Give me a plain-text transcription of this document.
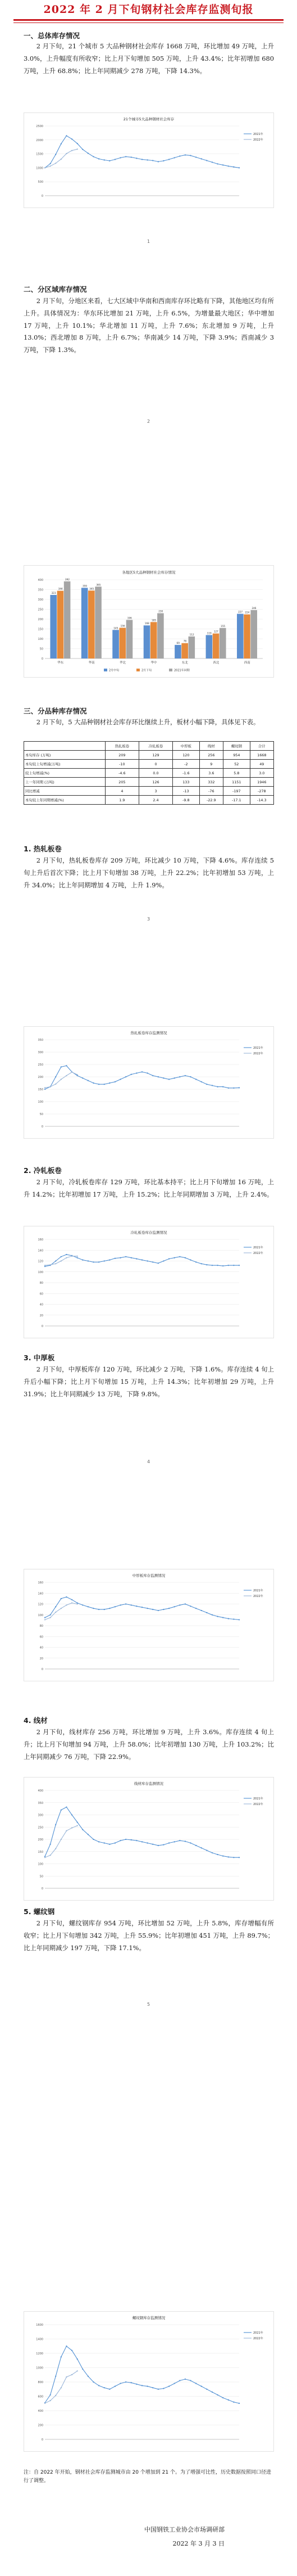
2022 年 2 月下旬钢材社会库存监测旬报
一、总体库存情况
2 月下旬，21 个城市 5 大品种钢材社会库存 1668 万吨，环比增加 49 万吨，上升 3.0%，上升幅度有所收窄；比上月下旬增加 505 万吨，上升 43.4%；比年初增加 680 万吨，上升 68.8%；比上年同期减少 278 万吨，下降 14.3%。
21个城市5大品种钢材社会库存
0
500
1000
1500
2000
2500
2021年
2022年
1
二、分区域库存情况
2 月下旬，分地区来看，七大区域中华南和西南库存环比略有下降，其他地区均有所上升。具体情况为：华东环比增加 21 万吨，上升 6.5%，为增量最大地区；华中增加 17 万吨，上升 10.1%；华北增加 11 万吨，上升 7.6%；东北增加 9 万吨，上升 13.0%；西北增加 8 万吨，上升 6.7%；华南减少 14 万吨，下降 3.9%；西南减少 3 万吨，下降 1.3%。
2
各地区5大品种钢材社会库存情况
0
50
100
150
200
250
300
350
400
华东
323
344
392
华南
359
345
365
华北
145
156
196
华中
168
185
230
东北
69
78
112
西北
119
127
155
西南
227 224
246
2月中旬	2月下旬	2021年同期
三、分品种库存情况
2 月下旬，5 大品种钢材社会库存环比继续上升，板材小幅下降，具体见下表。
	热轧板卷	冷轧板卷	中厚板	线材	螺纹钢	合计
本旬库存 (万吨)	209	129	120	256	954	1668
本旬较上旬增减(万吨)	-10	0	-2	9	52	49
较上旬增减(%)	-4.6	0.0	-1.6	3.6	5.8	3.0
上一年同期 (万吨)	205	126	133	332	1151	1946
同比增减	4	3	-13	-76	-197	-278
本旬较上年同期增减(%)	1.9	2.4	-9.8	-22.9	-17.1	-14.3
1. 热轧板卷
2 月下旬，热轧板卷库存 209 万吨，环比减少 10 万吨，下降 4.6%。库存连续 5 旬上升后首次下降；比上月下旬增加 38 万吨，上升 22.2%；比年初增加 53 万吨，上升 34.0%；比上年同期增加 4 万吨，上升 1.9%。
3
热轧板卷库存监测情况
0
50
100
150
200
250
300
350
2021年
2022年
2. 冷轧板卷
2 月下旬，冷轧板卷库存 129 万吨，环比基本持平；比上月下旬增加 16 万吨，上升 14.2%；比年初增加 17 万吨，上升 15.2%；比上年同期增加 3 万吨，上升 2.4%。
冷轧板卷库存监测情况
0
20
40
60
80
100
120
140
160
2021年
2022年
3. 中厚板
2 月下旬，中厚板库存 120 万吨，环比减少 2 万吨，下降 1.6%。库存连续 4 旬上升后小幅下降；比上月下旬增加 15 万吨，上升 14.3%；比年初增加 29 万吨，上升 31.9%；比上年同期减少 13 万吨，下降 9.8%。
4
中厚板库存监测情况
0
20
40
60
80
100
120
140
160
2021年
2022年
4. 线材
2 月下旬，线材库存 256 万吨，环比增加 9 万吨，上升 3.6%。库存连续 4 旬上升；比上月下旬增加 94 万吨，上升 58.0%；比年初增加 130 万吨，上升 103.2%；比上年同期减少 76 万吨，下降 22.9%。
线材库存监测情况
0
50
100
150
200
250
300
350
400
2021年
2022年
5. 螺纹钢
2 月下旬，螺纹钢库存 954 万吨，环比增加 52 万吨，上升 5.8%，库存增幅有所收窄；比上月下旬增加 342 万吨，上升 55.9%；比年初增加 451 万吨，上升 89.7%；比上年同期减少 197 万吨，下降 17.1%。
5
螺纹钢库存监测情况
0
200
400
600
800
1000
1200
1400
1600
2021年
2022年
注：自 2022 年开始，钢材社会库存监测城市由 20 个增加到 21 个。为了增强可比性，历史数据按照同口径进行了调整。
中国钢铁工业协会市场调研部
2022 年 3 月 3 日
